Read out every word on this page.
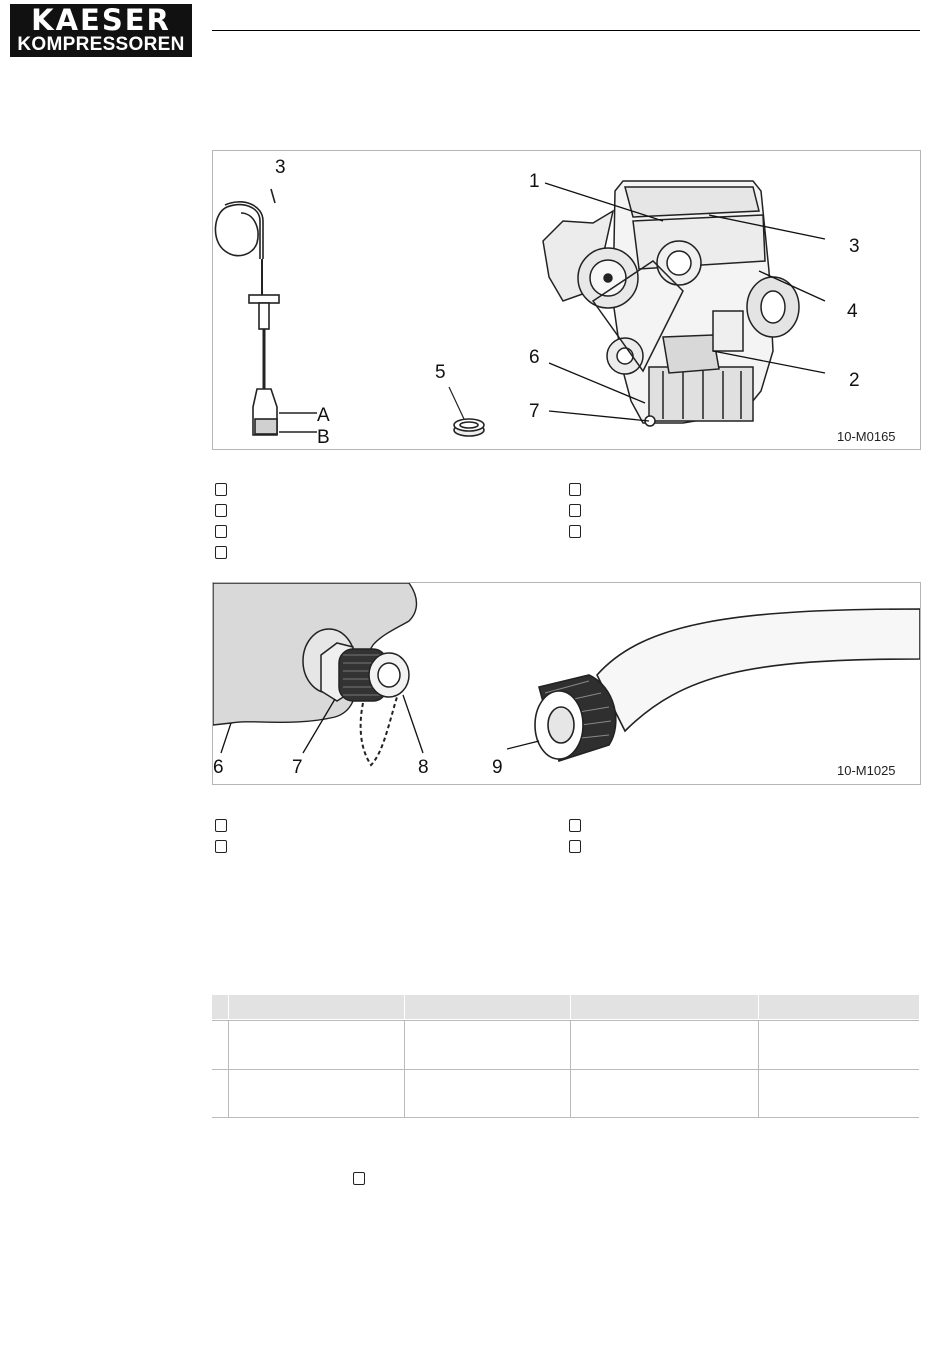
KAESER
KOMPRESSOREN
3
A
B
5
1
3
4
6
2
7
10-M0165
6	7	8	9	10-M1025
